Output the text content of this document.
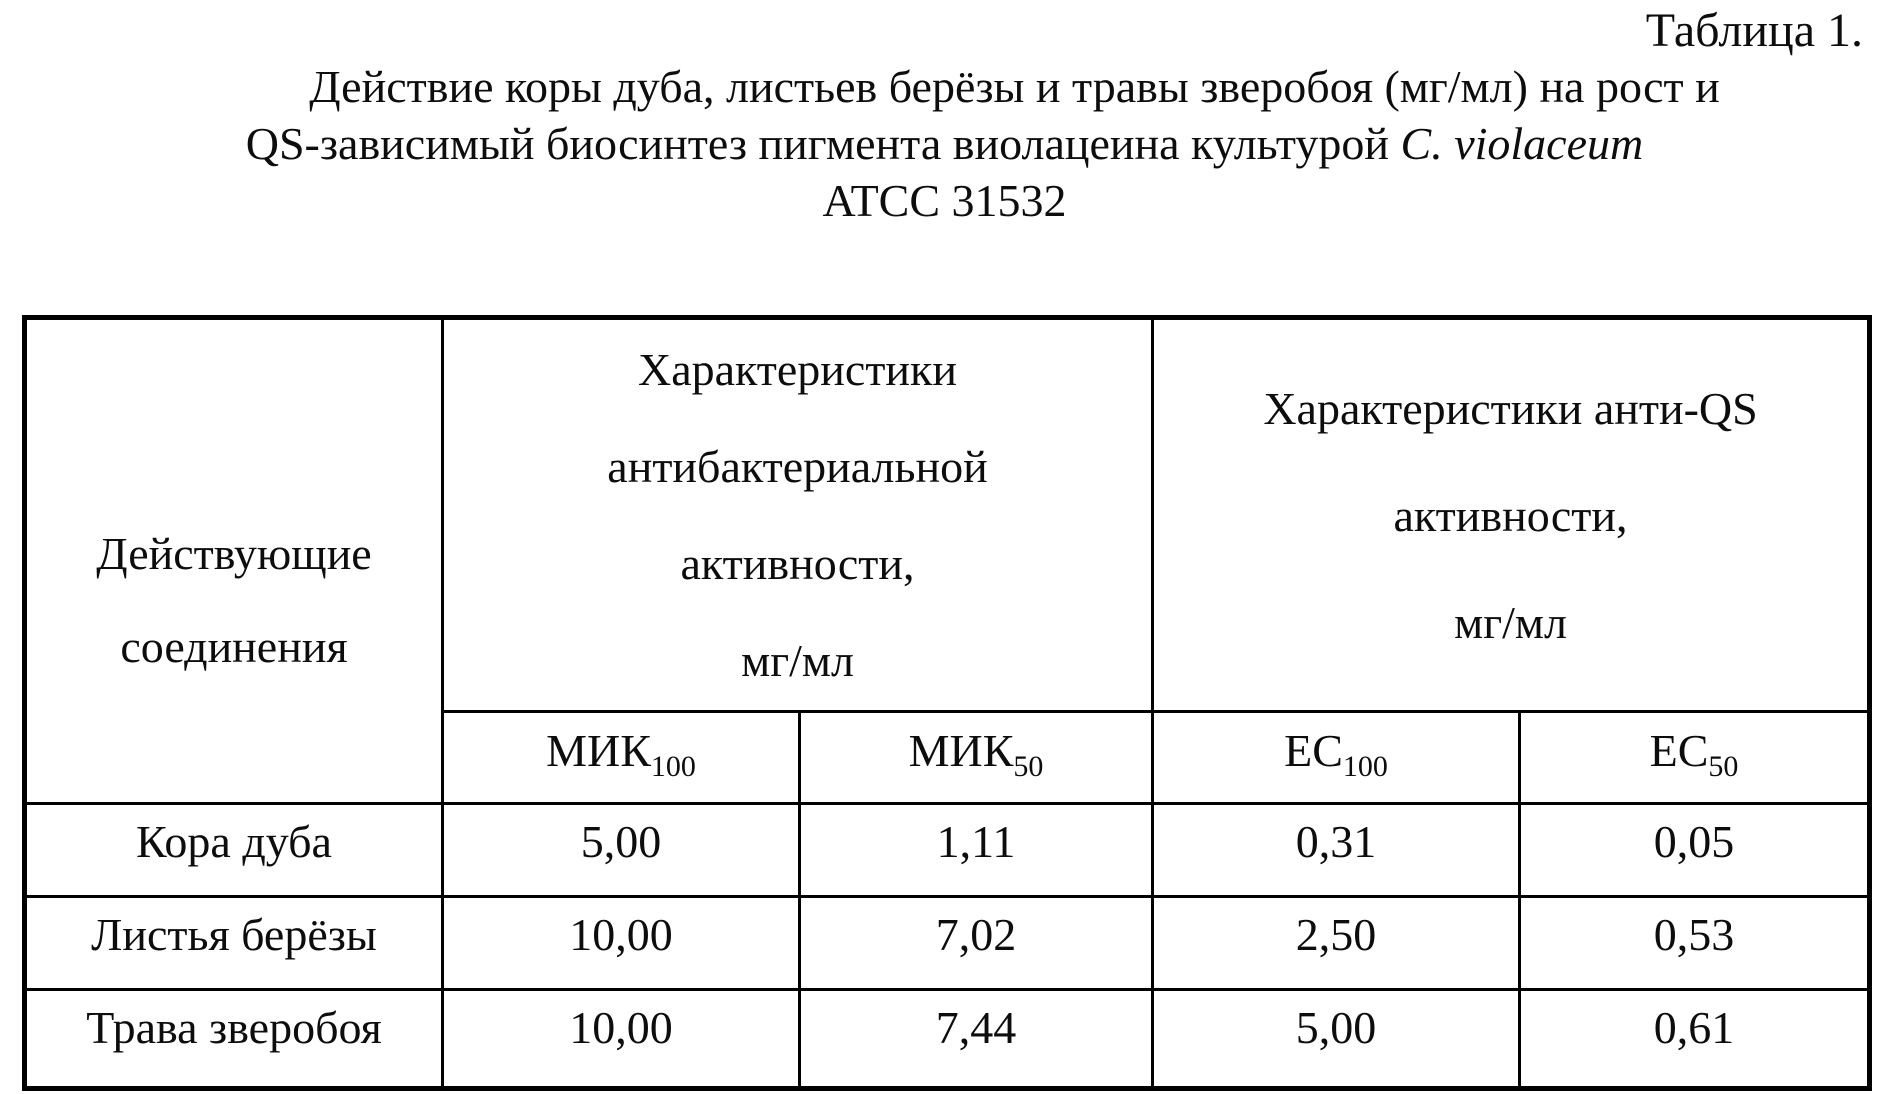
Таблица 1.
Действие коры дуба, листьев берёзы и травы зверобоя (мг/мл) на рост и
QS-зависимый биосинтез пигмента виолацеина культурой C. violaceum
ATCC 31532
Действующие
соединения

Характеристики
антибактериальной
активности,
мг/мл

Характеристики анти-QS
активности,
мг/мл

	$МИК_{100}$	$МИК_{50}$	$EC_{100}$	$EC_{50}$
Кора дуба	5,00	1,11	0,31	0,05
Листья берёзы	10,00	7,02	2,50	0,53
Трава зверобоя	10,00	7,44	5,00	0,61
